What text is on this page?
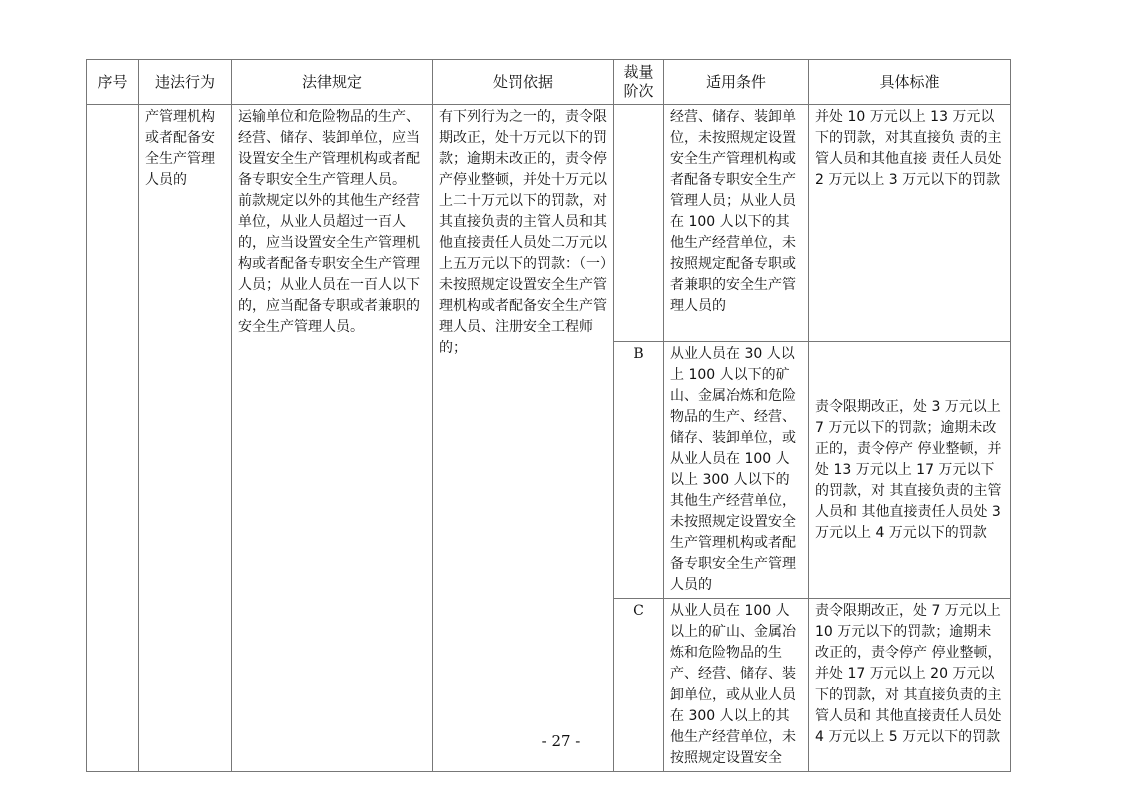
序号	违法行为	法律规定	处罚依据	裁量阶次	适用条件	具体标准
	产管理机构或者配备安全生产管理人员的	运输单位和危险物品的生产、经营、储存、装卸单位，应当设置安全生产管理机构或者配备专职安全生产管理人员。
前款规定以外的其他生产经营单位，从业人员超过一百人的，应当设置安全生产管理机构或者配备专职安全生产管理人员；从业人员在一百人以下的，应当配备专职或者兼职的安全生产管理人员。	有下列行为之一的，责令限期改正，处十万元以下的罚款；逾期未改正的，责令停产停业整顿，并处十万元以上二十万元以下的罚款，对其直接负责的主管人员和其他直接责任人员处二万元以上五万元以下的罚款：（一）未按照规定设置安全生产管理机构或者配备安全生产管理人员、注册安全工程师的；		经营、储存、装卸单位，未按照规定设置安全生产管理机构或者配备专职安全生产管理人员；从业人员在 100 人以下的其他生产经营单位，未按照规定配备专职或者兼职的安全生产管理人员的	并处 10 万元以上 13 万元以下的罚款，对其直接负 责的主管人员和其他直接 责任人员处 2 万元以上 3 万元以下的罚款
				B	从业人员在 30 人以上 100 人以下的矿山、金属冶炼和危险物品的生产、经营、储存、装卸单位，或从业人员在 100 人以上 300 人以下的其他生产经营单位，未按照规定设置安全生产管理机构或者配备专职安全生产管理人员的	责令限期改正，处 3 万元以上 7 万元以下的罚款；逾期未改正的，责令停产 停业整顿，并处 13 万元以上 17 万元以下的罚款，对 其直接负责的主管人员和 其他直接责任人员处 3 万元以上 4 万元以下的罚款
				C	从业人员在 100 人以上的矿山、金属冶炼和危险物品的生产、经营、储存、装卸单位，或从业人员在 300 人以上的其他生产经营单位，未按照规定设置安全	责令限期改正，处 7 万元以上 10 万元以下的罚款；逾期未改正的，责令停产 停业整顿，并处 17 万元以上 20 万元以下的罚款，对 其直接负责的主管人员和 其他直接责任人员处 4 万元以上 5 万元以下的罚款
- 27 -
